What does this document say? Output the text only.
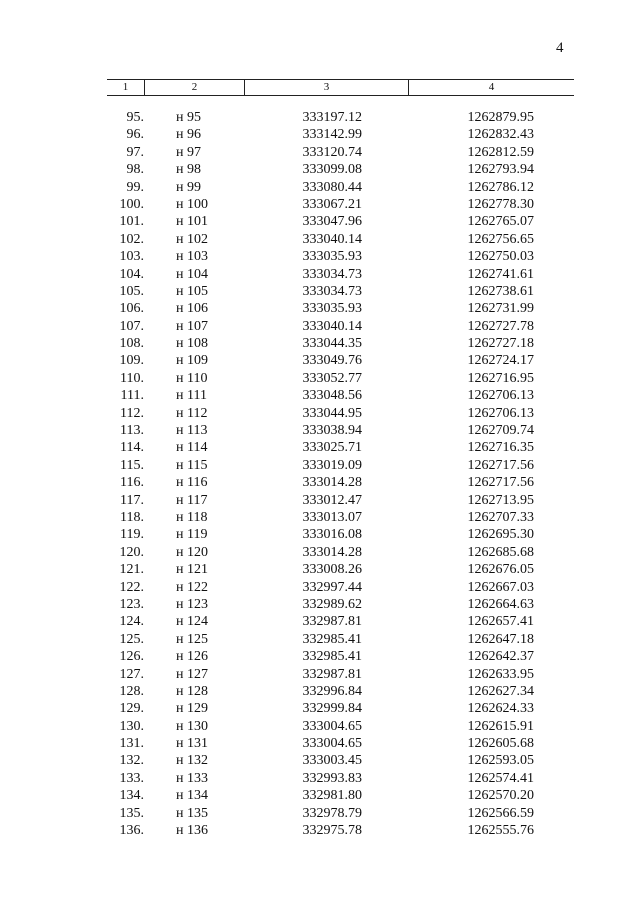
4
1	2	3	4
95. н 95	333197.12	1262879.95
96. н 96	333142.99	1262832.43
97. н 97	333120.74	1262812.59
98. н 98	333099.08	1262793.94
99. н 99	333080.44	1262786.12
100. н 100	333067.21	1262778.30
101. н 101	333047.96	1262765.07
102. н 102	333040.14	1262756.65
103. н 103	333035.93	1262750.03
104. н 104	333034.73	1262741.61
105. н 105	333034.73	1262738.61
106. н 106	333035.93	1262731.99
107. н 107	333040.14	1262727.78
108. н 108	333044.35	1262727.18
109. н 109	333049.76	1262724.17
110. н 110	333052.77	1262716.95
111. н 111	333048.56	1262706.13
112. н 112	333044.95	1262706.13
113. н 113	333038.94	1262709.74
114. н 114	333025.71	1262716.35
115. н 115	333019.09	1262717.56
116. н 116	333014.28	1262717.56
117. н 117	333012.47	1262713.95
118. н 118	333013.07	1262707.33
119. н 119	333016.08	1262695.30
120. н 120	333014.28	1262685.68
121. н 121	333008.26	1262676.05
122. н 122	332997.44	1262667.03
123. н 123	332989.62	1262664.63
124. н 124	332987.81	1262657.41
125. н 125	332985.41	1262647.18
126. н 126	332985.41	1262642.37
127. н 127	332987.81	1262633.95
128. н 128	332996.84	1262627.34
129. н 129	332999.84	1262624.33
130. н 130	333004.65	1262615.91
131. н 131	333004.65	1262605.68
132. н 132	333003.45	1262593.05
133. н 133	332993.83	1262574.41
134. н 134	332981.80	1262570.20
135. н 135	332978.79	1262566.59
136. н 136	332975.78	1262555.76
